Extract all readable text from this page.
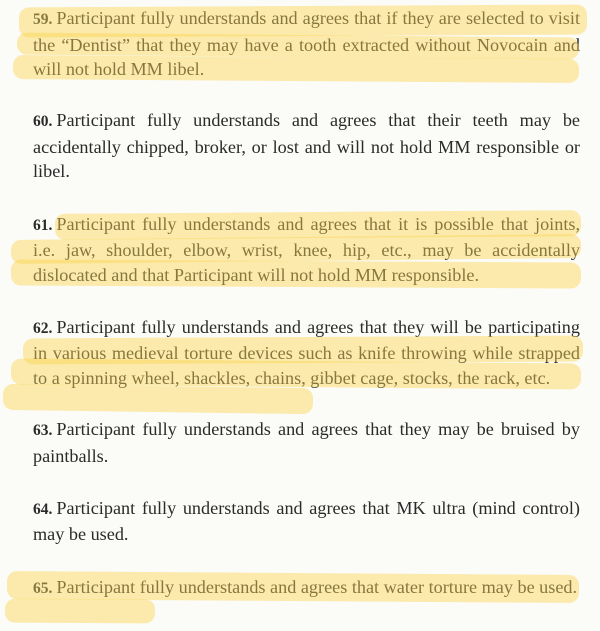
59. Participant fully understands and agrees that if they are selected to visit the “Dentist” that they may have a tooth extracted without Novocain and will not hold MM libel.
60. Participant fully understands and agrees that their teeth may be accidentally chipped, broker, or lost and will not hold MM responsible or libel.
61. Participant fully understands and agrees that it is possible that joints, i.e. jaw, shoulder, elbow, wrist, knee, hip, etc., may be accidentally dislocated and that Participant will not hold MM responsible.
62. Participant fully understands and agrees that they will be participating in various medieval torture devices such as knife throwing while strapped to a spinning wheel, shackles, chains, gibbet cage, stocks, the rack, etc.
63. Participant fully understands and agrees that they may be bruised by paintballs.
64. Participant fully understands and agrees that MK ultra (mind control) may be used.
65. Participant fully understands and agrees that water torture may be used.
